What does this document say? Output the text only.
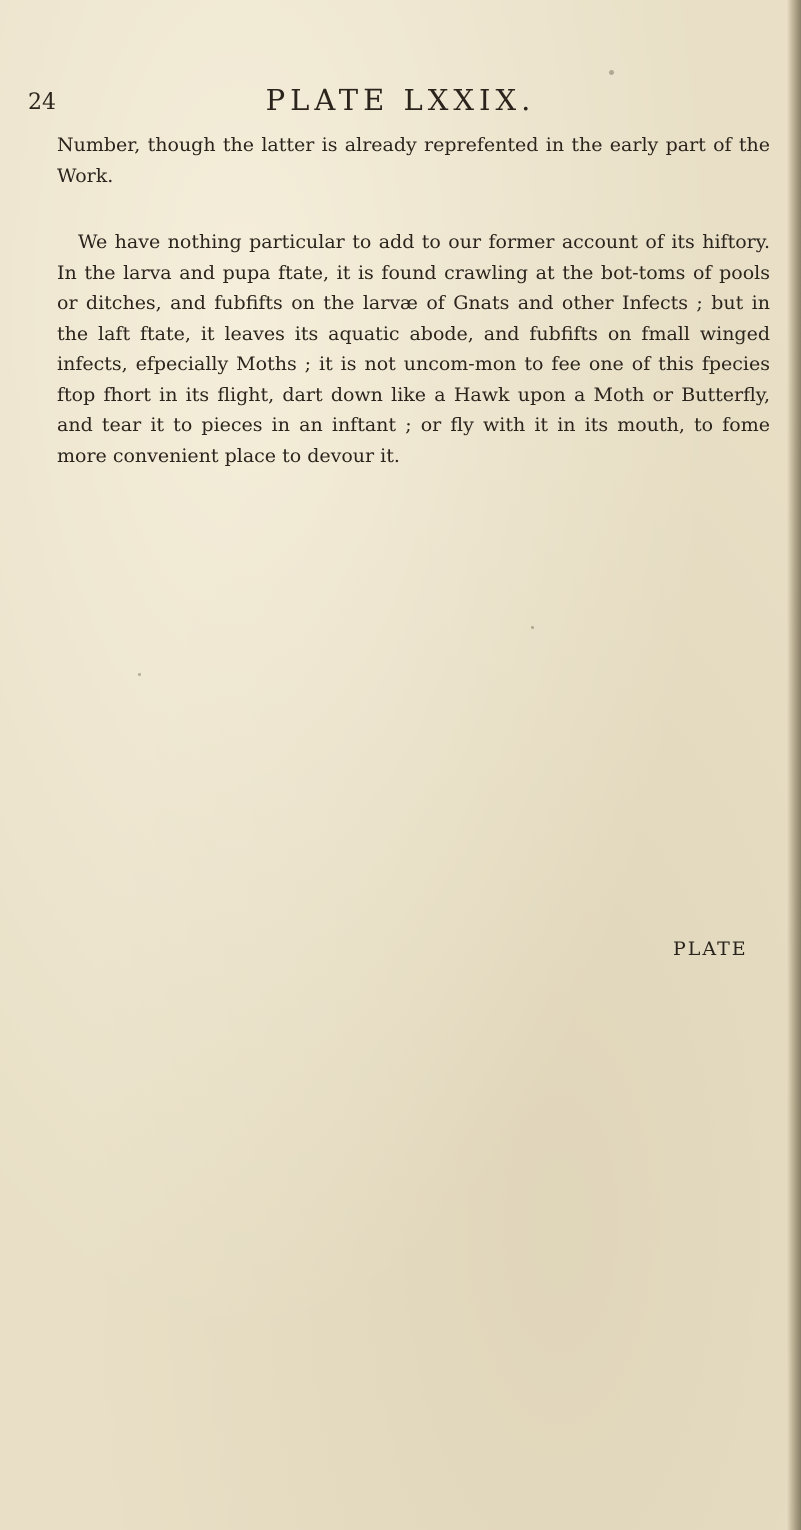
24	PLATE LXXIX.

Number, though the latter is already reprefented in the early part of the Work.

We have nothing particular to add to our former account of its hiftory. In the larva and pupa ftate, it is found crawling at the bot-toms of pools or ditches, and fubfifts on the larvæ of Gnats and other Infects ; but in the laft ftate, it leaves its aquatic abode, and fubfifts on fmall winged infects, efpecially Moths ; it is not uncom-mon to fee one of this fpecies ftop fhort in its flight, dart down like a Hawk upon a Moth or Butterfly, and tear it to pieces in an inftant ; or fly with it in its mouth, to fome more convenient place to devour it.

PLATE
